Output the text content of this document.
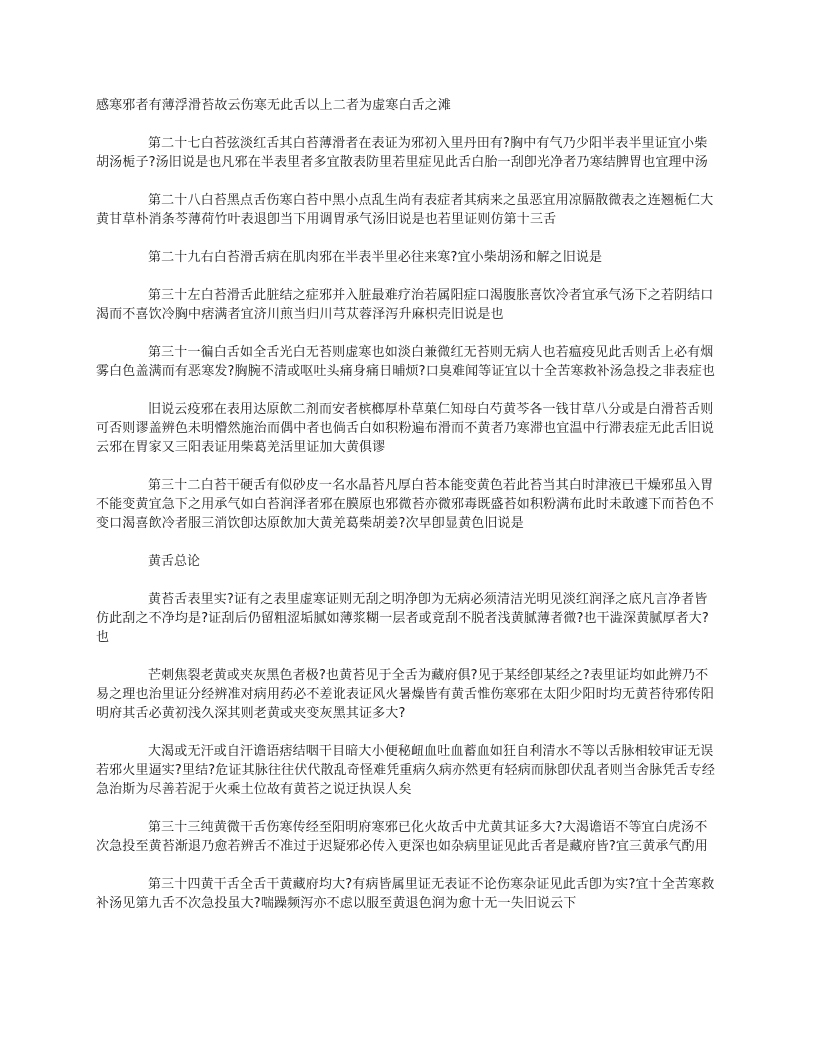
感寒邪者有薄浮滑苔故云伤寒无此舌以上二者为虚寒白舌之滩

第二十七白苔弦淡红舌其白苔薄滑者在表证为邪初入里丹田有?胸中有气乃少阳半表半里证宜小柴胡汤栀子?汤旧说是也凡邪在半表里者多宜散表防里若里症见此舌白胎一刮卽光净者乃寒结脾胃也宜理中汤

第二十八白苔黑点舌伤寒白苔中黑小点乱生尚有表症者其病来之虽恶宜用凉膈散微表之连翘栀仁大黄甘草朴消条芩薄荷竹叶表退卽当下用调胃承气汤旧说是也若里证则仿第十三舌

第二十九右白苔滑舌病在肌肉邪在半表半里必往来寒?宜小柴胡汤和解之旧说是

第三十左白苔滑舌此脏结之症邪并入脏最难疗治若属阳症口渴腹胀喜饮冷者宜承气汤下之若阴结口渴而不喜饮冷胸中痞满者宜济川煎当归川芎苁蓉泽泻升麻枳壳旧说是也

第三十一徧白舌如全舌光白无苔则虚寒也如淡白兼微红无苔则无病人也若瘟疫见此舌则舌上必有烟雾白色盖满而有恶寒发?胸腕不清或呕吐头痛身痛日晡烦?口臭难闻等证宜以十全苦寒救补汤急投之非表症也

旧说云疫邪在表用达原飲二剂而安者槟榔厚朴草菓仁知母白芍黄芩各一钱甘草八分或是白滑苔舌则可否则谬盖辨色未明懵然施治而偶中者也倘舌白如积粉遍布滑而不黄者乃寒滞也宜温中行滞表症无此舌旧说云邪在胃家又三阳表证用柴葛羌活里证加大黄俱谬

第三十二白苔干硬舌有似砂皮一名水晶苔凡厚白苔本能变黄色若此苔当其白时津液已干燥邪虽入胃不能变黄宜急下之用承气如白苔润泽者邪在膜原也邪微苔亦微邪毒既盛苔如积粉满布此时未敢遽下而苔色不变口渴喜飲冷者服三消饮卽达原飲加大黄羌葛柴胡姜?次早卽显黄色旧说是

黄舌总论

黄苔舌表里实?证有之表里虚寒证则无刮之明净卽为无病必须清洁光明见淡红润泽之底凡言净者皆仿此刮之不净均是?证刮后仍留粗涩垢腻如薄浆糊一层者或竟刮不脱者浅黄腻薄者微?也干澁深黄腻厚者大?也

芒刺焦裂老黄或夹灰黑色者极?也黄苔见于全舌为藏府俱?见于某经卽某经之?表里证均如此辨乃不易之理也治里证分经辨准对病用药必不差讹表证风火暑燥皆有黄舌惟伤寒邪在太阳少阳时均无黄苔待邪传阳明府其舌必黄初浅久深其则老黄或夹变灰黑其证多大?

大渴或无汗或自汗谵语痞结咽干目暗大小便秘衄血吐血蓄血如狂自利清水不等以舌脉相较审证无误若邪火里逼实?里结?危证其脉往往伏代散乱奇怪难凭重病久病亦然更有轻病而脉卽伏乱者则当舍脉凭舌专经急治斯为尽善若泥于火乘土位故有黄苔之说迂执误人矣

第三十三纯黄微干舌伤寒传经至阳明府寒邪已化火故舌中尤黄其证多大?大渴谵语不等宜白虎汤不次急投至黄苔渐退乃愈若辨舌不准过于迟疑邪必传入更深也如杂病里证见此舌者是藏府皆?宜三黄承气酌用

第三十四黄干舌全舌干黄藏府均大?有病皆属里证无表证不论伤寒杂证见此舌卽为实?宜十全苦寒救补汤见第九舌不次急投虽大?喘躁频泻亦不虑以服至黄退色润为愈十无一失旧说云下
